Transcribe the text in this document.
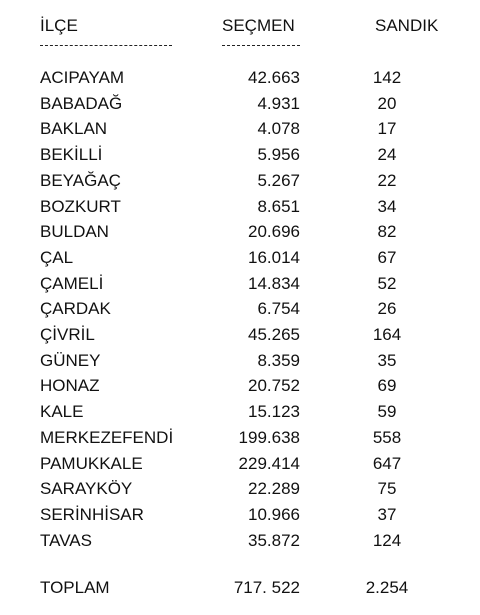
İLÇE	SEÇMEN	SANDIK
ACIPAYAM	42.663	142
BABADAĞ	4.931	20
BAKLAN	4.078	17
BEKİLLİ	5.956	24
BEYAĞAÇ	5.267	22
BOZKURT	8.651	34
BULDAN	20.696	82
ÇAL	16.014	67
ÇAMELİ	14.834	52
ÇARDAK	6.754	26
ÇİVRİL	45.265	164
GÜNEY	8.359	35
HONAZ	20.752	69
KALE	15.123	59
MERKEZEFENDİ	199.638	558
PAMUKKALE	229.414	647
SARAYKÖY	22.289	75
SERİNHİSAR	10.966	37
TAVAS	35.872	124
TOPLAM	717. 522	2.254
